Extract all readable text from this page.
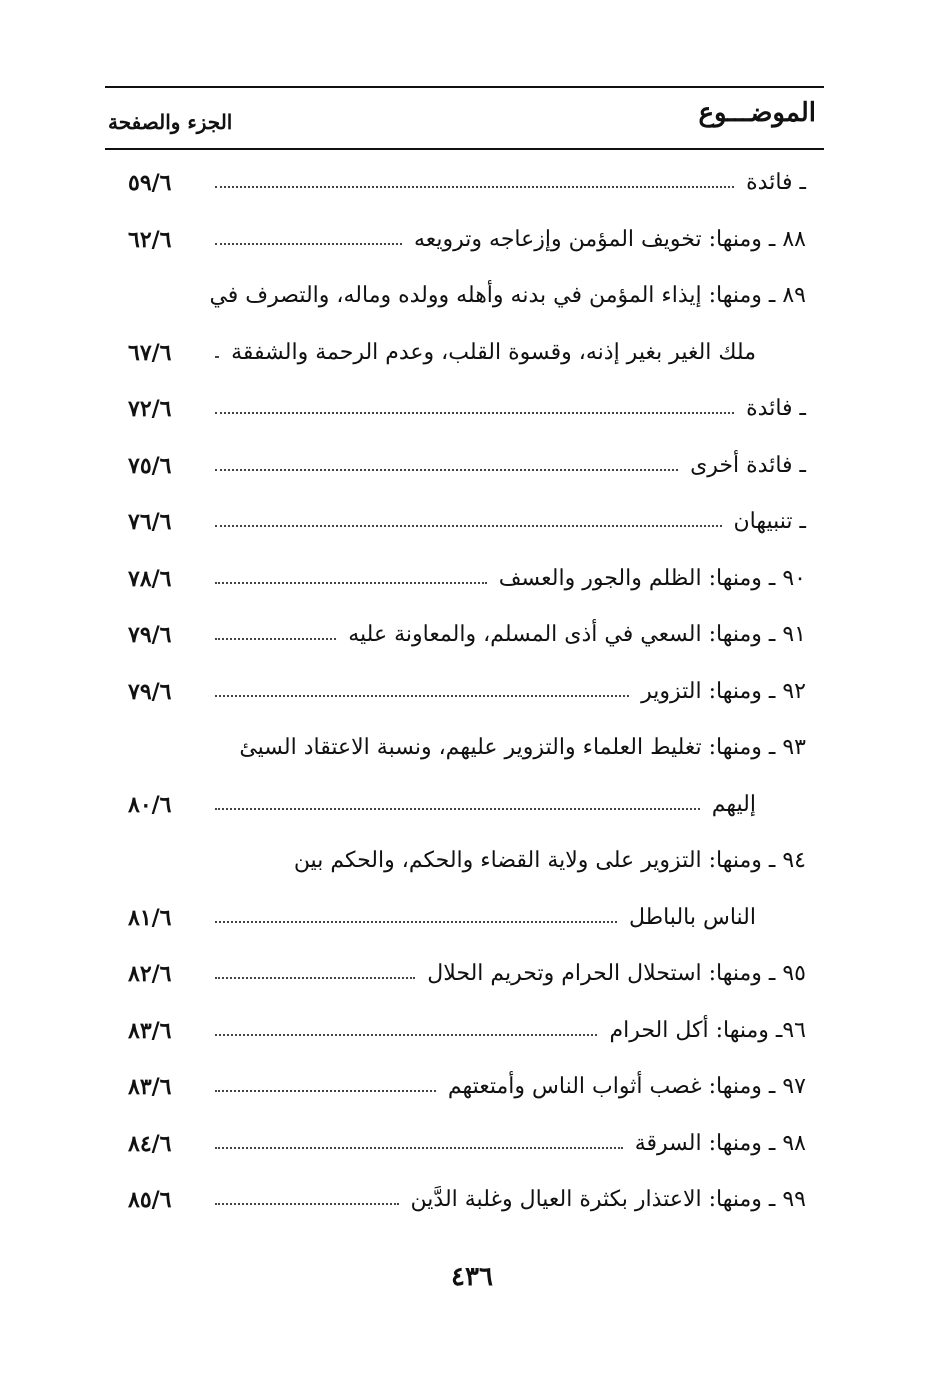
الموضـــوع
الجزء والصفحة
ـ فائدة
٥٩/٦
٨٨ ـ ومنها: تخويف المؤمن وإزعاجه وترويعه
٦٢/٦
٨٩ ـ ومنها: إيذاء المؤمن في بدنه وأهله وولده وماله، والتصرف في
ملك الغير بغير إذنه، وقسوة القلب، وعدم الرحمة والشفقة
٦٧/٦
ـ فائدة
٧٢/٦
ـ فائدة أخرى
٧٥/٦
ـ تنبيهان
٧٦/٦
٩٠ ـ ومنها: الظلم والجور والعسف
٧٨/٦
٩١ ـ ومنها: السعي في أذى المسلم، والمعاونة عليه
٧٩/٦
٩٢ ـ ومنها: التزوير
٧٩/٦
٩٣ ـ ومنها: تغليط العلماء والتزوير عليهم، ونسبة الاعتقاد السيئ
إليهم
٨٠/٦
٩٤ ـ ومنها: التزوير على ولاية القضاء والحكم، والحكم بين
الناس بالباطل
٨١/٦
٩٥ ـ ومنها: استحلال الحرام وتحريم الحلال
٨٢/٦
٩٦ـ ومنها: أكل الحرام
٨٣/٦
٩٧ ـ ومنها: غصب أثواب الناس وأمتعتهم
٨٣/٦
٩٨ ـ ومنها: السرقة
٨٤/٦
٩٩ ـ ومنها: الاعتذار بكثرة العيال وغلبة الدَّين
٨٥/٦
٤٣٦
